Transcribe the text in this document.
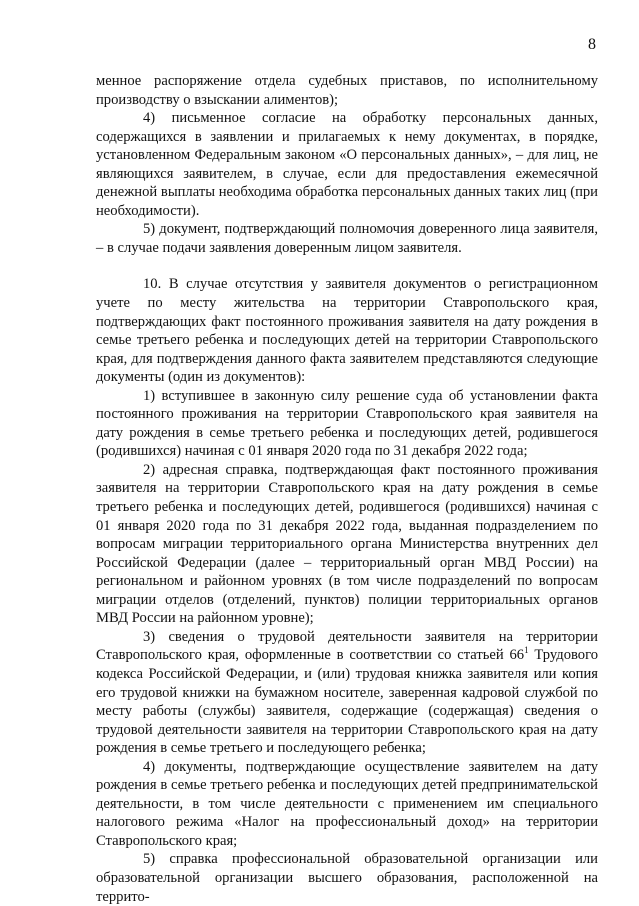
8

менное распоряжение отдела судебных приставов, по исполнительному производству о взыскании алиментов);

4) письменное согласие на обработку персональных данных, содержащихся в заявлении и прилагаемых к нему документах, в порядке, установленном Федеральным законом «О персональных данных», – для лиц, не являющихся заявителем, в случае, если для предоставления ежемесячной денежной выплаты необходима обработка персональных данных таких лиц (при необходимости).

5) документ, подтверждающий полномочия доверенного лица заявителя, – в случае подачи заявления доверенным лицом заявителя.

10. В случае отсутствия у заявителя документов о регистрационном учете по месту жительства на территории Ставропольского края, подтверждающих факт постоянного проживания заявителя на дату рождения в семье третьего ребенка и последующих детей на территории Ставропольского края, для подтверждения данного факта заявителем представляются следующие документы (один из документов):

1) вступившее в законную силу решение суда об установлении факта постоянного проживания на территории Ставропольского края заявителя на дату рождения в семье третьего ребенка и последующих детей, родившегося (родившихся) начиная с 01 января 2020 года по 31 декабря 2022 года;

2) адресная справка, подтверждающая факт постоянного проживания заявителя на территории Ставропольского края на дату рождения в семье третьего ребенка и последующих детей, родившегося (родившихся) начиная с 01 января 2020 года по 31 декабря 2022 года, выданная подразделением по вопросам миграции территориального органа Министерства внутренних дел Российской Федерации (далее – территориальный орган МВД России) на региональном и районном уровнях (в том числе подразделений по вопросам миграции отделов (отделений, пунктов) полиции территориальных органов МВД России на районном уровне);

3) сведения о трудовой деятельности заявителя на территории Ставропольского края, оформленные в соответствии со статьей $66^1$ Трудового кодекса Российской Федерации, и (или) трудовая книжка заявителя или копия его трудовой книжки на бумажном носителе, заверенная кадровой службой по месту работы (службы) заявителя, содержащие (содержащая) сведения о трудовой деятельности заявителя на территории Ставропольского края на дату рождения в семье третьего и последующего ребенка;

4) документы, подтверждающие осуществление заявителем на дату рождения в семье третьего ребенка и последующих детей предпринимательской деятельности, в том числе деятельности с применением им специального налогового режима «Налог на профессиональный доход» на территории Ставропольского края;

5) справка профессиональной образовательной организации или образовательной организации высшего образования, расположенной на террито-
